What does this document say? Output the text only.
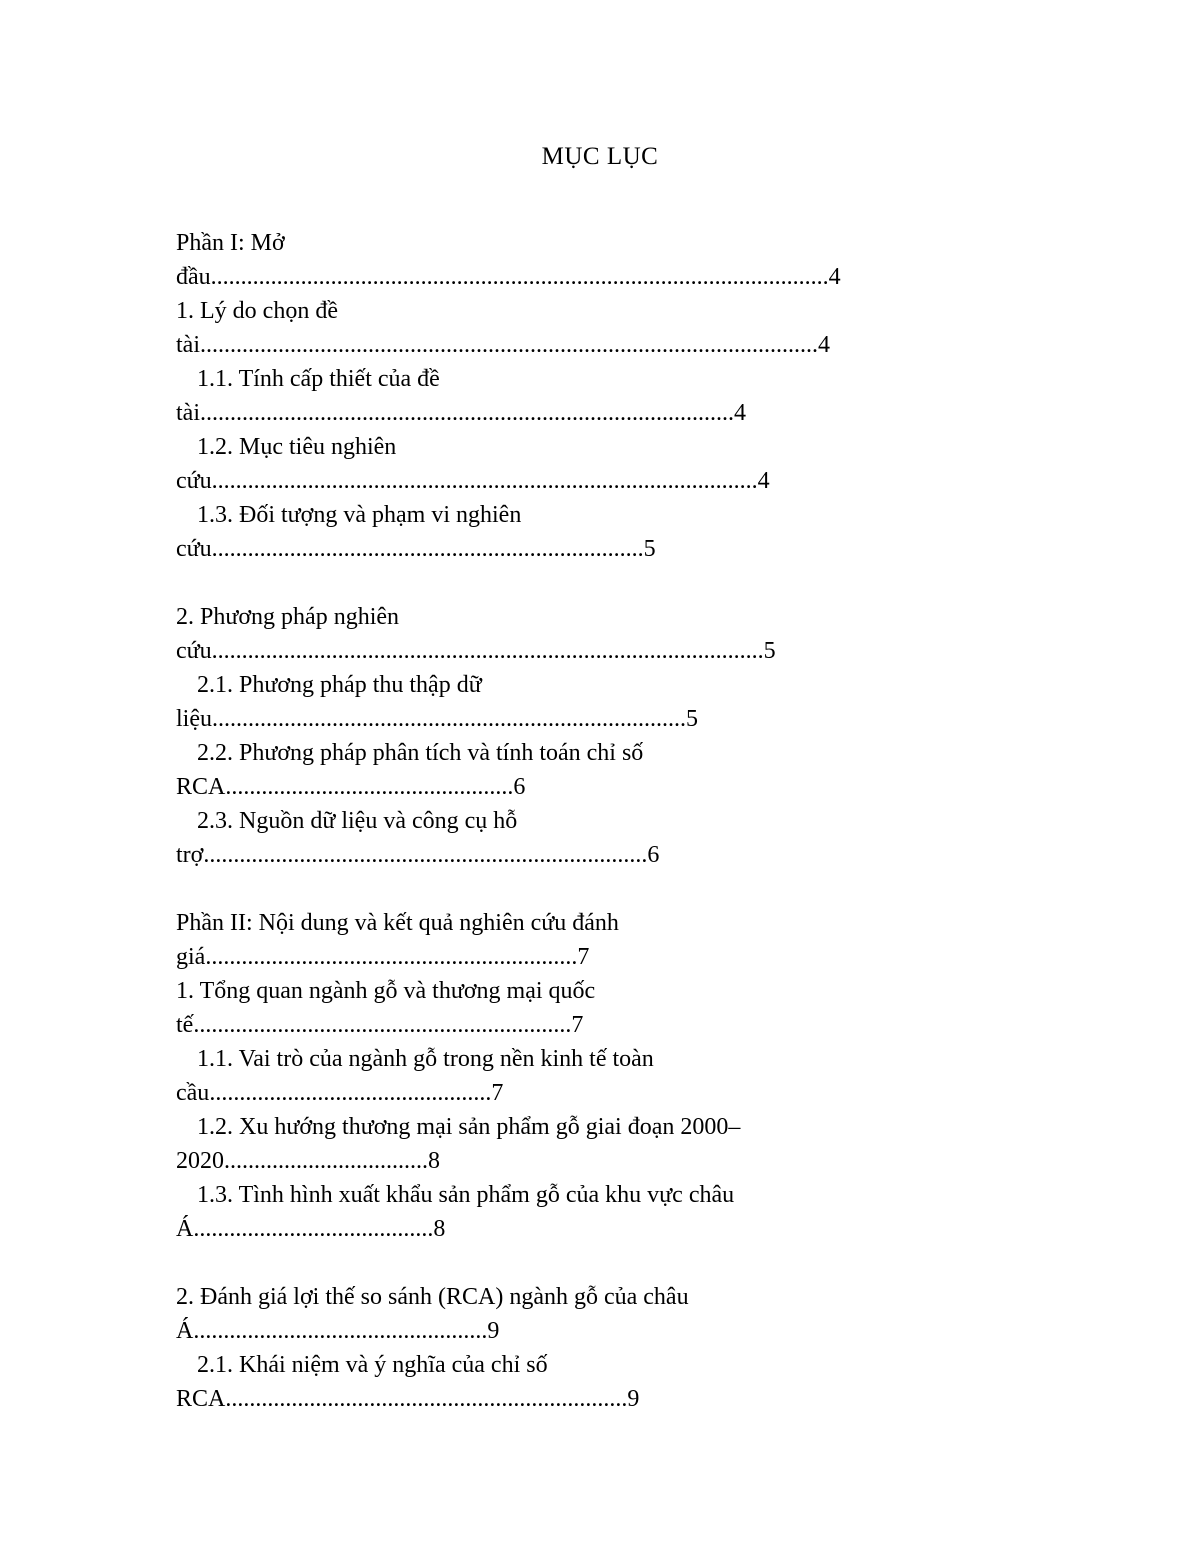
MỤC LỤC
Phần I: Mở
đầu.......................................................................................................4
1. Lý do chọn đề
tài.......................................................................................................4
1.1. Tính cấp thiết của đề
tài.........................................................................................4
1.2. Mục tiêu nghiên
cứu...........................................................................................4
1.3. Đối tượng và phạm vi nghiên
cứu........................................................................5
2. Phương pháp nghiên
cứu............................................................................................5
2.1. Phương pháp thu thập dữ
liệu...............................................................................5
2.2. Phương pháp phân tích và tính toán chỉ số
RCA................................................6
2.3. Nguồn dữ liệu và công cụ hỗ
trợ..........................................................................6
Phần II: Nội dung và kết quả nghiên cứu đánh
giá..............................................................7
1. Tổng quan ngành gỗ và thương mại quốc
tế...............................................................7
1.1. Vai trò của ngành gỗ trong nền kinh tế toàn
cầu...............................................7
1.2. Xu hướng thương mại sản phẩm gỗ giai đoạn 2000–
2020..................................8
1.3. Tình hình xuất khẩu sản phẩm gỗ của khu vực châu
Á........................................8
2. Đánh giá lợi thế so sánh (RCA) ngành gỗ của châu
Á.................................................9
2.1. Khái niệm và ý nghĩa của chỉ số
RCA...................................................................9
